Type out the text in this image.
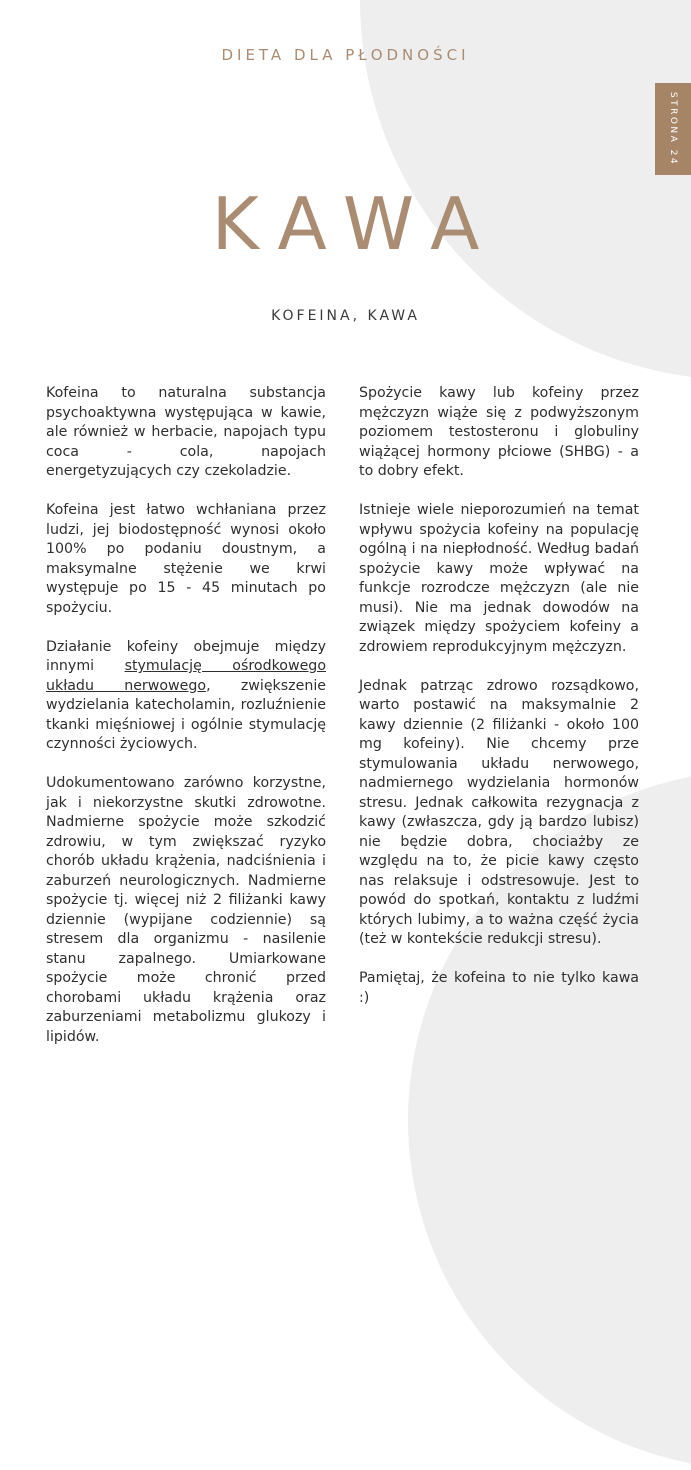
DIETA DLA PŁODNOŚCI
STRONA 24
KAWA
KOFEINA, KAWA

Kofeina to naturalna substancja psychoaktywna występująca w kawie, ale również w herbacie, napojach typu coca - cola, napojach energetyzujących czy czekoladzie.

Kofeina jest łatwo wchłaniana przez ludzi, jej biodostępność wynosi około 100% po podaniu doustnym, a maksymalne stężenie we krwi występuje po 15 - 45 minutach po spożyciu.

Działanie kofeiny obejmuje między innymi stymulację ośrodkowego układu nerwowego, zwiększenie wydzielania katecholamin, rozluźnienie tkanki mięśniowej i ogólnie stymulację czynności życiowych.

Udokumentowano zarówno korzystne, jak i niekorzystne skutki zdrowotne. Nadmierne spożycie może szkodzić zdrowiu, w tym zwiększać ryzyko chorób układu krążenia, nadciśnienia i zaburzeń neurologicznych. Nadmierne spożycie tj. więcej niż 2 filiżanki kawy dziennie (wypijane codziennie) są stresem dla organizmu - nasilenie stanu zapalnego. Umiarkowane spożycie może chronić przed chorobami układu krążenia oraz zaburzeniami metabolizmu glukozy i lipidów.

Spożycie kawy lub kofeiny przez mężczyzn wiąże się z podwyższonym poziomem testosteronu i globuliny wiążącej hormony płciowe (SHBG) - a to dobry efekt.

Istnieje wiele nieporozumień na temat wpływu spożycia kofeiny na populację ogólną i na niepłodność. Według badań spożycie kawy może wpływać na funkcje rozrodcze mężczyzn (ale nie musi). Nie ma jednak dowodów na związek między spożyciem kofeiny a zdrowiem reprodukcyjnym mężczyzn.

Jednak patrząc zdrowo rozsądkowo, warto postawić na maksymalnie 2 kawy dziennie (2 filiżanki - około 100 mg kofeiny). Nie chcemy prze stymulowania układu nerwowego, nadmiernego wydzielania hormonów stresu. Jednak całkowita rezygnacja z kawy (zwłaszcza, gdy ją bardzo lubisz) nie będzie dobra, chociażby ze względu na to, że picie kawy często nas relaksuje i odstresowuje. Jest to powód do spotkań, kontaktu z ludźmi których lubimy, a to ważna część życia (też w kontekście redukcji stresu).

Pamiętaj, że kofeina to nie tylko kawa :)
